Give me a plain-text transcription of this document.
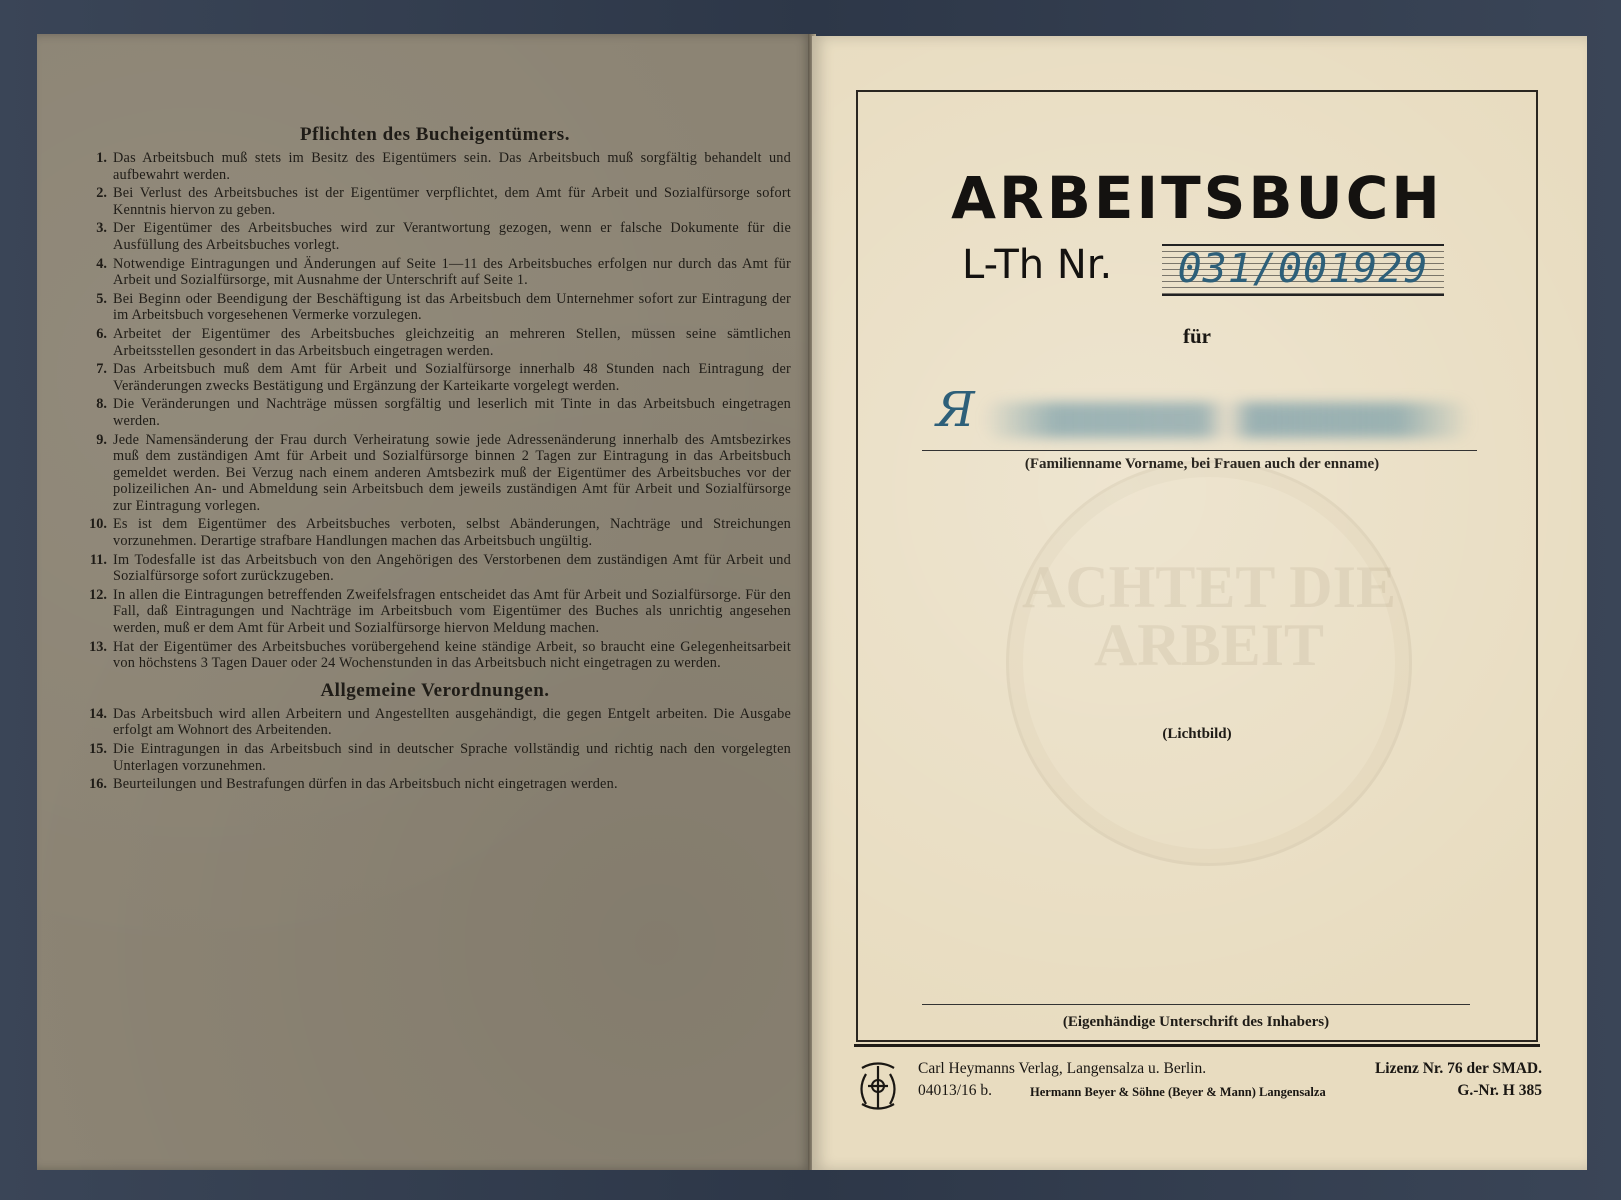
Pflichten des Bucheigentümers.
1. Das Arbeitsbuch muß stets im Besitz des Eigentümers sein. Das Arbeitsbuch muß sorgfältig behandelt und aufbewahrt werden.
2. Bei Verlust des Arbeitsbuches ist der Eigentümer verpflichtet, dem Amt für Arbeit und Sozialfürsorge sofort Kenntnis hiervon zu geben.
3. Der Eigentümer des Arbeitsbuches wird zur Verantwortung gezogen, wenn er falsche Dokumente für die Ausfüllung des Arbeitsbuches vorlegt.
4. Notwendige Eintragungen und Änderungen auf Seite 1—11 des Arbeitsbuches erfolgen nur durch das Amt für Arbeit und Sozialfürsorge, mit Ausnahme der Unterschrift auf Seite 1.
5. Bei Beginn oder Beendigung der Beschäftigung ist das Arbeitsbuch dem Unternehmer sofort zur Eintragung der im Arbeitsbuch vorgesehenen Vermerke vorzulegen.
6. Arbeitet der Eigentümer des Arbeitsbuches gleichzeitig an mehreren Stellen, müssen seine sämtlichen Arbeitsstellen gesondert in das Arbeitsbuch eingetragen werden.
7. Das Arbeitsbuch muß dem Amt für Arbeit und Sozialfürsorge innerhalb 48 Stunden nach Eintragung der Veränderungen zwecks Bestätigung und Ergänzung der Karteikarte vorgelegt werden.
8. Die Veränderungen und Nachträge müssen sorgfältig und leserlich mit Tinte in das Arbeitsbuch eingetragen werden.
9. Jede Namensänderung der Frau durch Verheiratung sowie jede Adressenänderung innerhalb des Amtsbezirkes muß dem zuständigen Amt für Arbeit und Sozialfürsorge binnen 2 Tagen zur Eintragung in das Arbeitsbuch gemeldet werden. Bei Verzug nach einem anderen Amtsbezirk muß der Eigentümer des Arbeitsbuches vor der polizeilichen An- und Abmeldung sein Arbeitsbuch dem jeweils zuständigen Amt für Arbeit und Sozialfürsorge zur Eintragung vorlegen.
10. Es ist dem Eigentümer des Arbeitsbuches verboten, selbst Abänderungen, Nachträge und Streichungen vorzunehmen. Derartige strafbare Handlungen machen das Arbeitsbuch ungültig.
11. Im Todesfalle ist das Arbeitsbuch von den Angehörigen des Verstorbenen dem zuständigen Amt für Arbeit und Sozialfürsorge sofort zurückzugeben.
12. In allen die Eintragungen betreffenden Zweifelsfragen entscheidet das Amt für Arbeit und Sozialfürsorge. Für den Fall, daß Eintragungen und Nachträge im Arbeitsbuch vom Eigentümer des Buches als unrichtig angesehen werden, muß er dem Amt für Arbeit und Sozialfürsorge hiervon Meldung machen.
13. Hat der Eigentümer des Arbeitsbuches vorübergehend keine ständige Arbeit, so braucht eine Gelegenheitsarbeit von höchstens 3 Tagen Dauer oder 24 Wochenstunden in das Arbeitsbuch nicht eingetragen zu werden.
Allgemeine Verordnungen.
14. Das Arbeitsbuch wird allen Arbeitern und Angestellten ausgehändigt, die gegen Entgelt arbeiten. Die Ausgabe erfolgt am Wohnort des Arbeitenden.
15. Die Eintragungen in das Arbeitsbuch sind in deutscher Sprache vollständig und richtig nach den vorgelegten Unterlagen vorzunehmen.
16. Beurteilungen und Bestrafungen dürfen in das Arbeitsbuch nicht eingetragen werden.
ARBEITSBUCH
L-Th Nr.	031/001929
für
ACHTET DIE ARBEIT
Я
(Familienname Vorname, bei Frauen auch der enname)
(Lichtbild)
(Eigenhändige Unterschrift des Inhabers)
Carl Heymanns Verlag, Langensalza u. Berlin.
04013/16 b.	Hermann Beyer & Söhne (Beyer & Mann) Langensalza
Lizenz Nr. 76 der SMAD.
G.-Nr. H 385
